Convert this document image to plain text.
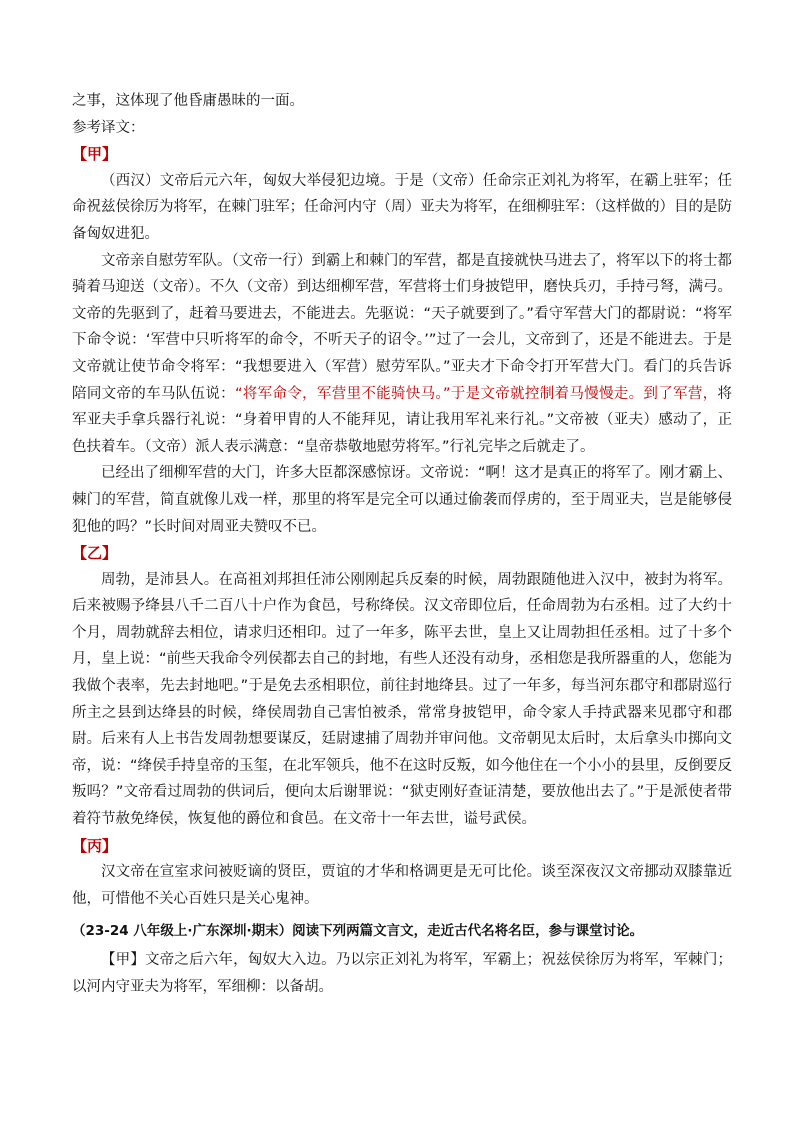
之事，这体现了他昏庸愚昧的一面。
参考译文：
【甲】

（西汉）文帝后元六年，匈奴大举侵犯边境。于是（文帝）任命宗正刘礼为将军，在霸上驻军；任命祝兹侯徐厉为将军，在棘门驻军；任命河内守（周）亚夫为将军，在细柳驻军：（这样做的）目的是防备匈奴进犯。

文帝亲自慰劳军队。（文帝一行）到霸上和棘门的军营，都是直接就快马进去了，将军以下的将士都骑着马迎送（文帝）。不久（文帝）到达细柳军营，军营将士们身披铠甲，磨快兵刃，手持弓弩，满弓。文帝的先驱到了，赶着马要进去，不能进去。先驱说：“天子就要到了。”看守军营大门的都尉说：“将军下命令说：‘军营中只听将军的命令，不听天子的诏令。’”过了一会儿，文帝到了，还是不能进去。于是文帝就让使节命令将军：“我想要进入（军营）慰劳军队。”亚夫才下命令打开军营大门。看门的兵告诉陪同文帝的车马队伍说：“将军命令，军营里不能骑快马。”于是文帝就控制着马慢慢走。到了军营，将军亚夫手拿兵器行礼说：“身着甲胄的人不能拜见，请让我用军礼来行礼。”文帝被（亚夫）感动了，正色扶着车。（文帝）派人表示满意：“皇帝恭敬地慰劳将军。”行礼完毕之后就走了。

已经出了细柳军营的大门，许多大臣都深感惊讶。文帝说：“啊！这才是真正的将军了。刚才霸上、棘门的军营，简直就像儿戏一样，那里的将军是完全可以通过偷袭而俘虏的，至于周亚夫，岂是能够侵犯他的吗？”长时间对周亚夫赞叹不已。

【乙】

周勃，是沛县人。在高祖刘邦担任沛公刚刚起兵反秦的时候，周勃跟随他进入汉中，被封为将军。后来被赐予绛县八千二百八十户作为食邑，号称绛侯。汉文帝即位后，任命周勃为右丞相。过了大约十个月，周勃就辞去相位，请求归还相印。过了一年多，陈平去世，皇上又让周勃担任丞相。过了十多个月，皇上说：“前些天我命令列侯都去自己的封地，有些人还没有动身，丞相您是我所器重的人，您能为我做个表率，先去封地吧。”于是免去丞相职位，前往封地绛县。过了一年多，每当河东郡守和郡尉巡行所主之县到达绛县的时候，绛侯周勃自己害怕被杀，常常身披铠甲，命令家人手持武器来见郡守和郡尉。后来有人上书告发周勃想要谋反，廷尉逮捕了周勃并审问他。文帝朝见太后时，太后拿头巾掷向文帝，说：“绛侯手持皇帝的玉玺，在北军领兵，他不在这时反叛，如今他住在一个小小的县里，反倒要反叛吗？”文帝看过周勃的供词后，便向太后谢罪说：“狱吏刚好查证清楚，要放他出去了。”于是派使者带着符节赦免绛侯，恢复他的爵位和食邑。在文帝十一年去世，谥号武侯。

【丙】

汉文帝在宣室求问被贬谪的贤臣，贾谊的才华和格调更是无可比伦。谈至深夜汉文帝挪动双膝靠近他，可惜他不关心百姓只是关心鬼神。

（23-24 八年级上·广东深圳·期末）阅读下列两篇文言文，走近古代名将名臣，参与课堂讨论。

【甲】文帝之后六年，匈奴大入边。乃以宗正刘礼为将军，军霸上；祝兹侯徐厉为将军，军棘门；以河内守亚夫为将军，军细柳：以备胡。
